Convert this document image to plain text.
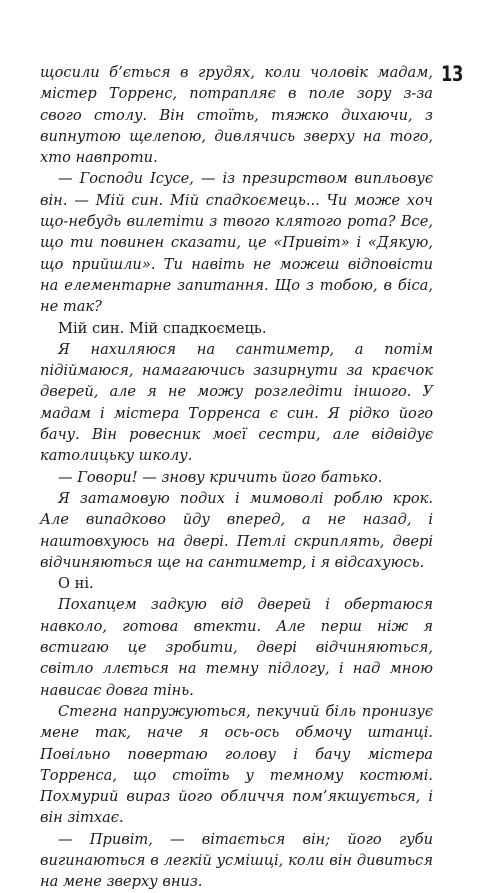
13

щосили б’ється в грудях, коли чоловік мадам, містер Торренс, потрапляє в поле зору з-за свого столу. Він стоїть, тяжко дихаючи, з випнутою щелепою, дивлячись зверху на того, хто навпроти.

— Господи Ісусе, — із презирством випльовує він. — Мій син. Мій спадкоємець... Чи може хоч що-небудь вилетіти з твого клятого рота? Все, що ти повинен сказати, це «Привіт» і «Дякую, що прийшли». Ти навіть не можеш відповісти на елементарне запитання. Що з тобою, в біса, не так?

Мій син. Мій спадкоємець.

Я нахиляюся на сантиметр, а потім підіймаюся, намагаючись зазирнути за краєчок дверей, але я не можу розгледіти іншого. У мадам і містера Торренса є син. Я рідко його бачу. Він ровесник моєї сестри, але відвідує католицьку школу.

— Говори! — знову кричить його батько.

Я затамовую подих і мимоволі роблю крок. Але випадково йду вперед, а не назад, і наштовхуюсь на двері. Петлі скриплять, двері відчиняються ще на сантиметр, і я відсахуюсь.

О ні.

Похапцем задкую від дверей і обертаюся навколо, готова втекти. Але перш ніж я встигаю це зробити, двері відчиняються, світло ллється на темну підлогу, і над мною нависає довга тінь.

Стегна напружуються, пекучий біль пронизує мене так, наче я ось-ось обмочу штанці. Повільно повертаю голову і бачу містера Торренса, що стоїть у темному костюмі. Похмурий вираз його обличчя пом’якшується, і він зітхає.

— Привіт, — вітається він; його губи вигинаються в легкій усмішці, коли він дивиться на мене зверху вниз.
